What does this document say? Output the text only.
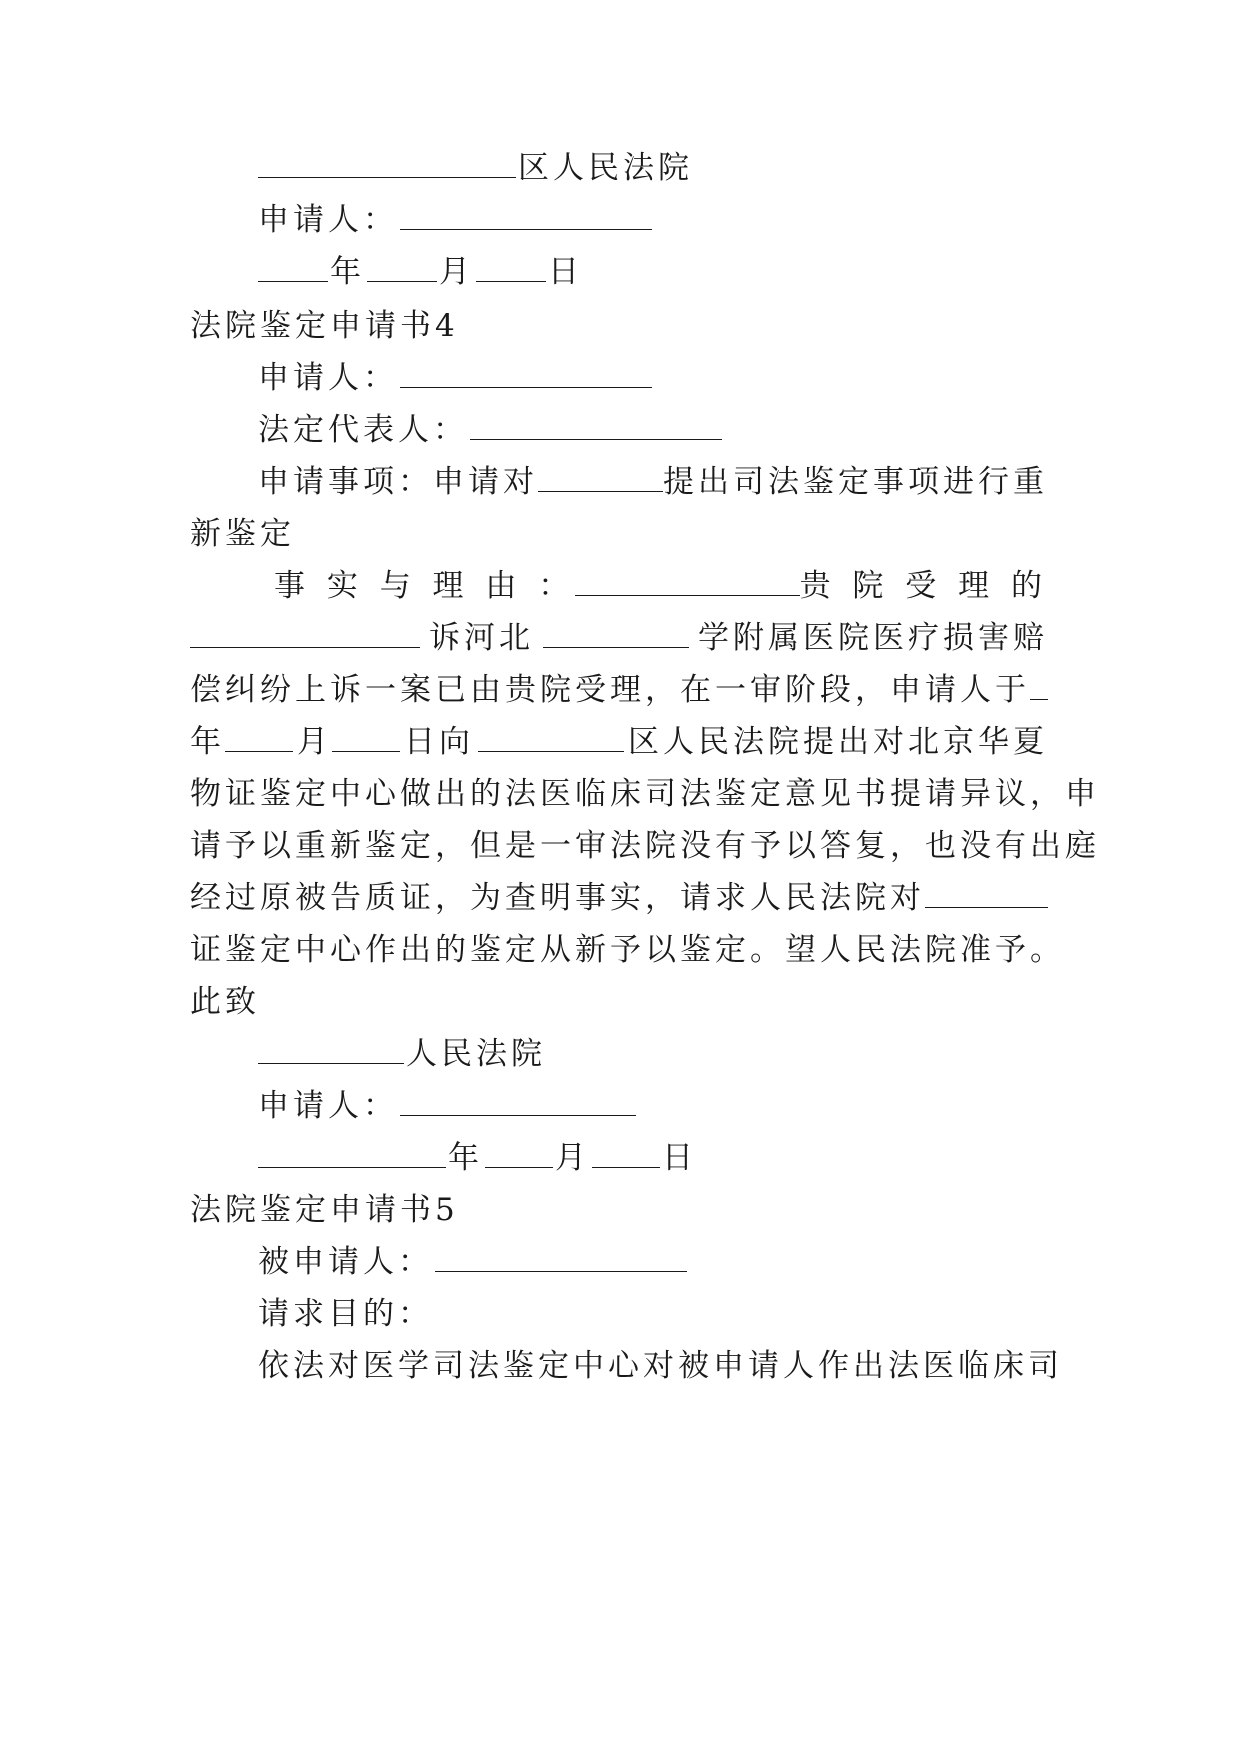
区人民法院
申请人：
年 月 日
法院鉴定申请书4
申请人：
法定代表人：
申请事项：申请对	提出司法鉴定事项进行重
新鉴定
事 实 与 理 由 ：	贵 院 受 理 的
诉河北	学附属医院医疗损害赔
偿纠纷上诉一案已由贵院受理，在一审阶段，申请人于
年 月 日向	区人民法院提出对北京华夏
物证鉴定中心做出的法医临床司法鉴定意见书提请异议，申
请予以重新鉴定，但是一审法院没有予以答复，也没有出庭
经过原被告质证，为查明事实，请求人民法院对
证鉴定中心作出的鉴定从新予以鉴定。望人民法院准予。
此致
人民法院
申请人：
年 月 日
法院鉴定申请书5
被申请人：
请求目的：
依法对 医学司法鉴定中心对被申请人作出法医临床司
